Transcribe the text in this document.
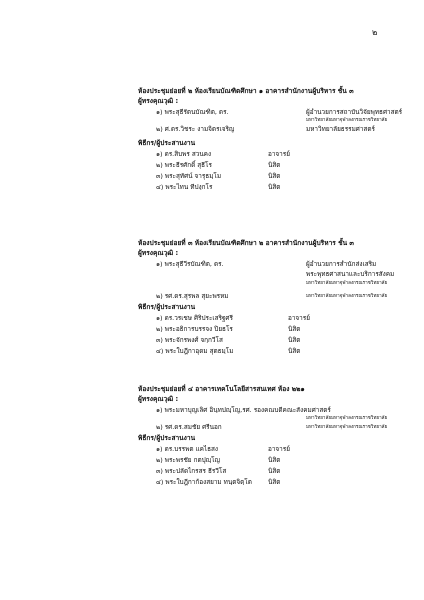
๒

ห้องประชุมย่อยที่ ๒ ห้องเรียนบัณฑิตศึกษา ๑ อาคารสำนักงานผู้บริหาร ชั้น ๓

ผู้ทรงคุณวุฒิ :

๑) พระสุธีรัตนบัณฑิต, ดร.	ผู้อำนวยการสถาบันวิจัยพุทธศาสตร์
มหาวิทยาลัยมหาจุฬาลงกรณราชวิทยาลัย
๒) ศ.ดร.วิชระ งามจิตรเจริญ	มหาวิทยาลัยธรรมศาสตร์

พิธีกร/ผู้ประสานงาน

๑) ดร.สิบพร สวนคง	อาจารย์
๒) พระธีรศักดิ์ สุธีโร	นิสิต
๓) พระสุทัศน์ จารุธมฺโม	นิสิต
๔) พระไทน ทีปงฺกโร	นิสิต

ห้องประชุมย่อยที่ ๓ ห้องเรียนบัณฑิตศึกษา ๒ อาคารสำนักงานผู้บริหาร ชั้น ๓

ผู้ทรงคุณวุฒิ :

๑) พระสุธีวีรบัณฑิต, ดร.	ผู้อำนวยการสำนักส่งเสริม
พระพุทธศาสนาและบริการสังคม
มหาวิทยาลัยมหาจุฬาลงกรณราชวิทยาลัย
๒) รศ.ดร.สุรพล สุยะพรหม	มหาวิทยาลัยมหาจุฬาลงกรณราชวิทยาลัย

พิธีกร/ผู้ประสานงาน

๑) ดร.วรเชษ ศิริประเสริฐศรี	อาจารย์
๒) พระอธิการบรรจง ปิยธโร	นิสิต
๓) พระจักรพงศ์ จกฺกวีโส	นิสิต
๔) พระใบฎีกาอุดม สุตธมฺโม	นิสิต

ห้องประชุมย่อยที่ ๔ อาคารเทคโนโลยีสารสนเทศ ห้อง ๒๒๑

ผู้ทรงคุณวุฒิ :

๑) พระมหาบุญเลิศ อินฺทปญฺโญ,รศ. รองคณบดีคณะสังคมศาสตร์
มหาวิทยาลัยมหาจุฬาลงกรณราชวิทยาลัย
๒) รศ.ดร.สมชัย ศรีนอก	มหาวิทยาลัยมหาจุฬาลงกรณราชวิทยาลัย

พิธีกร/ผู้ประสานงาน

๑) ดร.บรรพต แคไธสง	อาจารย์
๒) พระพรชัย กตปุญฺโญ	นิสิต
๓) พระปลัดไกรสร ธีรวีโส	นิสิต
๔) พระใบฎีกาก้องสยาม ทนฺตจิตฺโต	นิสิต
